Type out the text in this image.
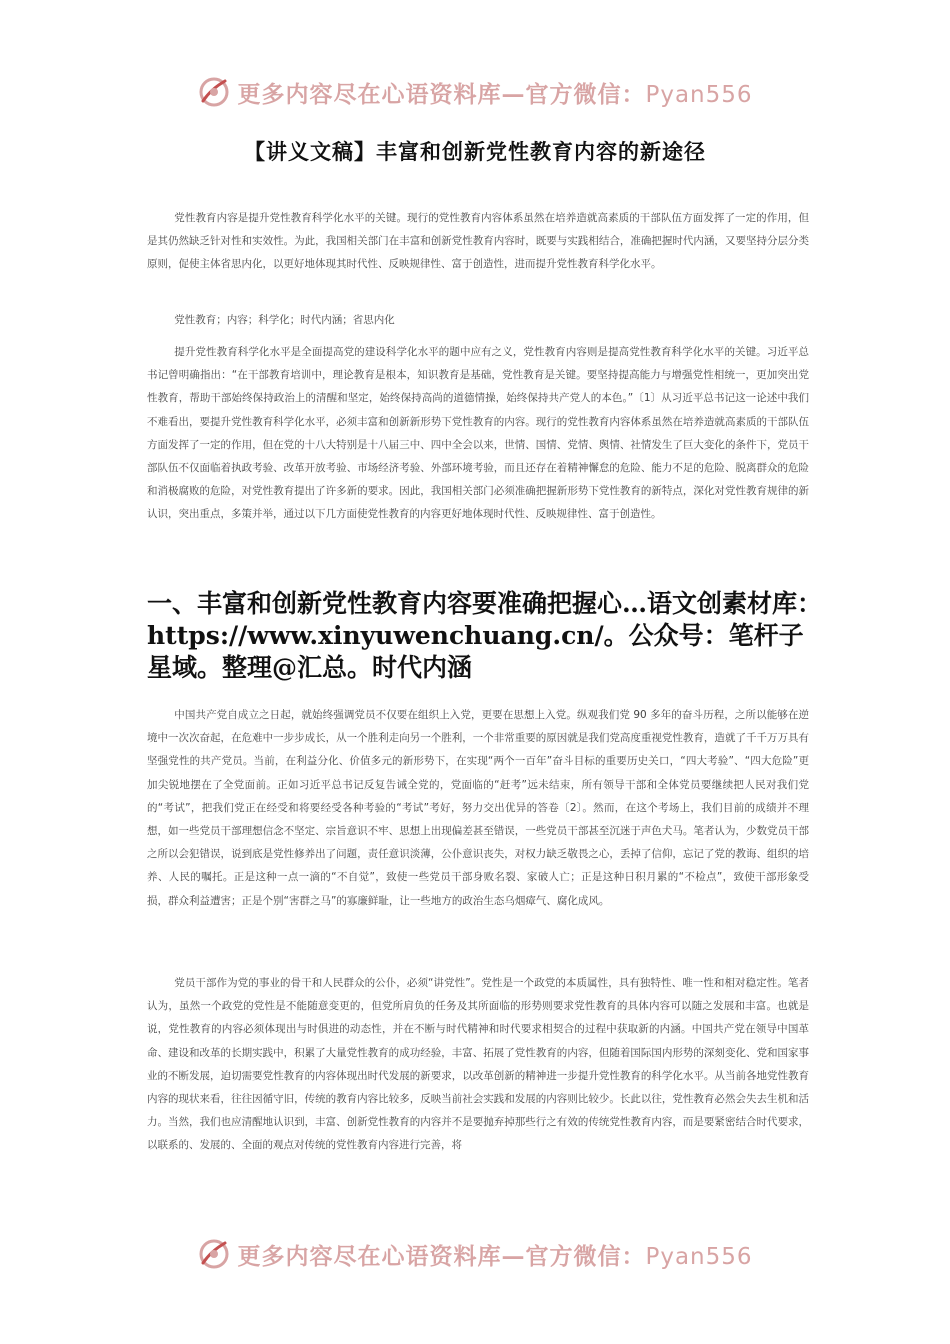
更多内容尽在心语资料库—官方微信：Pyan556
【讲义文稿】丰富和创新党性教育内容的新途径

党性教育内容是提升党性教育科学化水平的关键。现行的党性教育内容体系虽然在培养造就高素质的干部队伍方面发挥了一定的作用，但是其仍然缺乏针对性和实效性。为此，我国相关部门在丰富和创新党性教育内容时，既要与实践相结合，准确把握时代内涵，又要坚持分层分类原则，促使主体省思内化，以更好地体现其时代性、反映规律性、富于创造性，进而提升党性教育科学化水平。

党性教育；内容；科学化；时代内涵；省思内化

提升党性教育科学化水平是全面提高党的建设科学化水平的题中应有之义，党性教育内容则是提高党性教育科学化水平的关键。习近平总书记曾明确指出：“在干部教育培训中，理论教育是根本，知识教育是基础，党性教育是关键。要坚持提高能力与增强党性相统一，更加突出党性教育，帮助干部始终保持政治上的清醒和坚定，始终保持高尚的道德情操，始终保持共产党人的本色。”〔1〕从习近平总书记这一论述中我们不难看出，要提升党性教育科学化水平，必须丰富和创新新形势下党性教育的内容。现行的党性教育内容体系虽然在培养造就高素质的干部队伍方面发挥了一定的作用，但在党的十八大特别是十八届三中、四中全会以来，世情、国情、党情、舆情、社情发生了巨大变化的条件下，党员干部队伍不仅面临着执政考验、改革开放考验、市场经济考验、外部环境考验，而且还存在着精神懈怠的危险、能力不足的危险、脱离群众的危险和消极腐败的危险，对党性教育提出了许多新的要求。因此，我国相关部门必须准确把握新形势下党性教育的新特点，深化对党性教育规律的新认识，突出重点，多策并举，通过以下几方面使党性教育的内容更好地体现时代性、反映规律性、富于创造性。

一、丰富和创新党性教育内容要准确把握心…语文创素材库：https://www.xinyuwenchuang.cn/。公众号：笔杆子星域。整理@汇总。时代内涵

中国共产党自成立之日起，就始终强调党员不仅要在组织上入党，更要在思想上入党。纵观我们党 90 多年的奋斗历程，之所以能够在逆境中一次次奋起，在危难中一步步成长，从一个胜利走向另一个胜利，一个非常重要的原因就是我们党高度重视党性教育，造就了千千万万具有坚强党性的共产党员。当前，在利益分化、价值多元的新形势下，在实现“两个一百年”奋斗目标的重要历史关口，“四大考验”、“四大危险”更加尖锐地摆在了全党面前。正如习近平总书记反复告诫全党的，党面临的“赶考”远未结束，所有领导干部和全体党员要继续把人民对我们党的“考试”，把我们党正在经受和将要经受各种考验的“考试”考好，努力交出优异的答卷〔2〕。然而，在这个考场上，我们目前的成绩并不理想，如一些党员干部理想信念不坚定、宗旨意识不牢、思想上出现偏差甚至错误，一些党员干部甚至沉迷于声色犬马。笔者认为，少数党员干部之所以会犯错误，说到底是党性修养出了问题，责任意识淡薄，公仆意识丧失，对权力缺乏敬畏之心，丢掉了信仰，忘记了党的教诲、组织的培养、人民的嘱托。正是这种一点一滴的“不自觉”，致使一些党员干部身败名裂、家破人亡；正是这种日积月累的“不检点”，致使干部形象受损，群众利益遭害；正是个别“害群之马”的寡廉鲜耻，让一些地方的政治生态乌烟瘴气、腐化成风。

党员干部作为党的事业的骨干和人民群众的公仆，必须“讲党性”。党性是一个政党的本质属性，具有独特性、唯一性和相对稳定性。笔者认为，虽然一个政党的党性是不能随意变更的，但党所肩负的任务及其所面临的形势则要求党性教育的具体内容可以随之发展和丰富。也就是说，党性教育的内容必须体现出与时俱进的动态性，并在不断与时代精神和时代要求相契合的过程中获取新的内涵。中国共产党在领导中国革命、建设和改革的长期实践中，积累了大量党性教育的成功经验，丰富、拓展了党性教育的内容，但随着国际国内形势的深刻变化、党和国家事业的不断发展，迫切需要党性教育的内容体现出时代发展的新要求，以改革创新的精神进一步提升党性教育的科学化水平。从当前各地党性教育内容的现状来看，往往因循守旧，传统的教育内容比较多，反映当前社会实践和发展的内容则比较少。长此以往，党性教育必然会失去生机和活力。当然，我们也应清醒地认识到，丰富、创新党性教育的内容并不是要抛弃掉那些行之有效的传统党性教育内容，而是要紧密结合时代要求，以联系的、发展的、全面的观点对传统的党性教育内容进行完善，将

更多内容尽在心语资料库—官方微信：Pyan556
